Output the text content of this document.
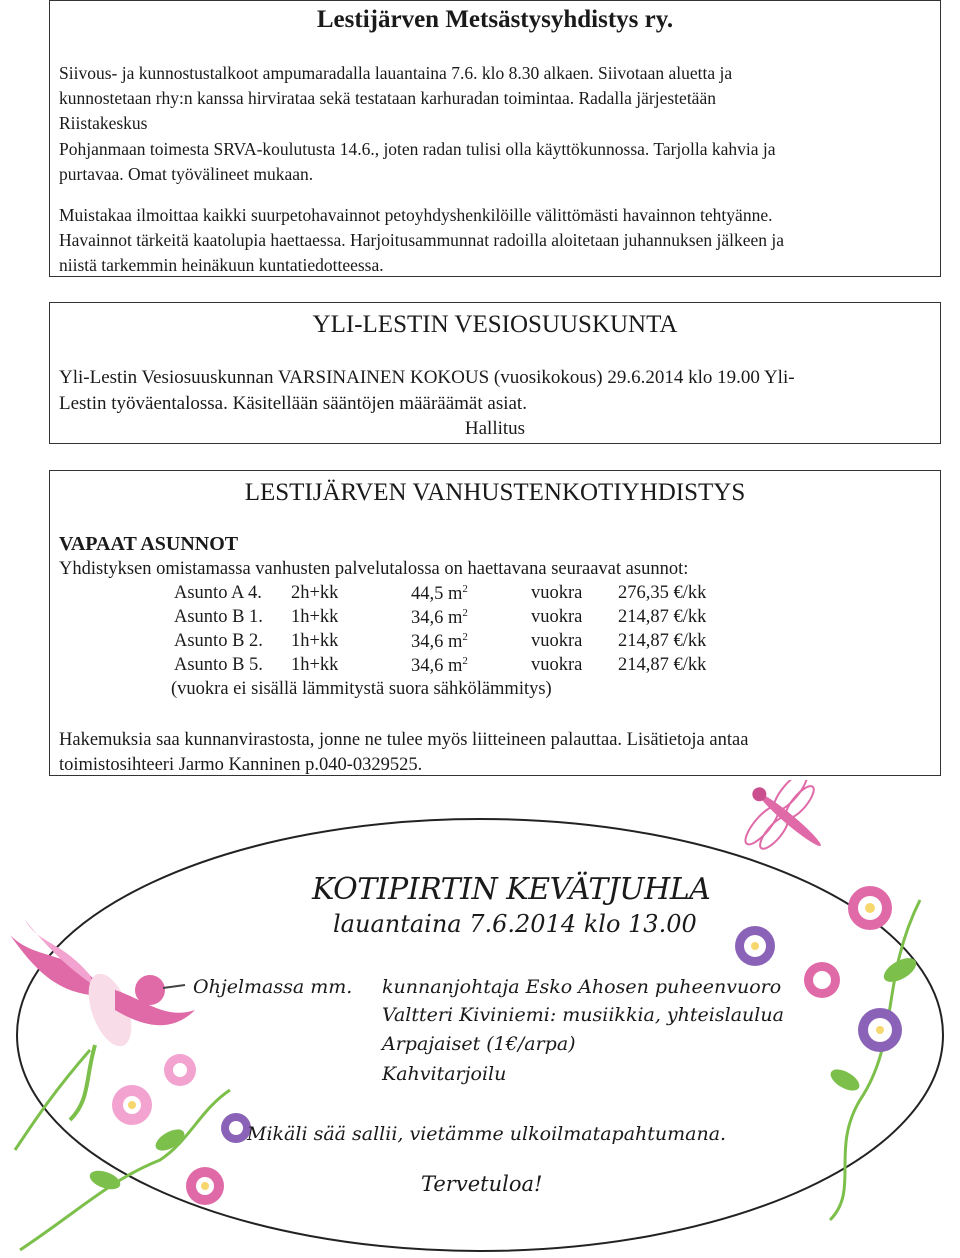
Lestijärven Metsästysyhdistys ry.
Siivous- ja kunnostustalkoot ampumaradalla lauantaina 7.6. klo 8.30 alkaen. Siivotaan aluetta ja
kunnostetaan rhy:n kanssa hirvirataa sekä testataan karhuradan toimintaa. Radalla järjestetään
Riistakeskus
Pohjanmaan toimesta SRVA-koulutusta 14.6., joten radan tulisi olla käyttökunnossa. Tarjolla kahvia ja
purtavaa. Omat työvälineet mukaan.
Muistakaa ilmoittaa kaikki suurpetohavainnot petoyhdyshenkilöille välittömästi havainnon tehtyänne.
Havainnot tärkeitä kaatolupia haettaessa. Harjoitusammunnat radoilla aloitetaan juhannuksen jälkeen ja
niistä tarkemmin heinäkuun kuntatiedotteessa.
YLI-LESTIN VESIOSUUSKUNTA
Yli-Lestin Vesiosuuskunnan VARSINAINEN KOKOUS (vuosikokous) 29.6.2014 klo 19.00 Yli-
Lestin työväentalossa. Käsitellään sääntöjen määräämät asiat.
Hallitus
LESTIJÄRVEN VANHUSTENKOTIYHDISTYS
VAPAAT ASUNNOT
Yhdistyksen omistamassa vanhusten palvelutalossa on haettavana seuraavat asunnot:
Asunto A 4. 2h+kk	44,5 $m^2$	vuokra 276,35 €/kk
Asunto B 1. 1h+kk	34,6 $m^2$	vuokra 214,87 €/kk
Asunto B 2. 1h+kk	34,6 $m^2$	vuokra 214,87 €/kk
Asunto B 5. 1h+kk	34,6 $m^2$	vuokra 214,87 €/kk
(vuokra ei sisällä lämmitystä suora sähkölämmitys)
Hakemuksia saa kunnanvirastosta, jonne ne tulee myös liitteineen palauttaa. Lisätietoja antaa
toimistosihteeri Jarmo Kanninen p.040-0329525.
KOTIPIRTIN KEVÄTJUHLA
lauantaina 7.6.2014 klo 13.00
Ohjelmassa mm. kunnanjohtaja Esko Ahosen puheenvuoro
Valtteri Kiviniemi: musiikkia, yhteislaulua
Arpajaiset (1€/arpa)
Kahvitarjoilu
Mikäli sää sallii, vietämme ulkoilmatapahtumana.
Tervetuloa!
